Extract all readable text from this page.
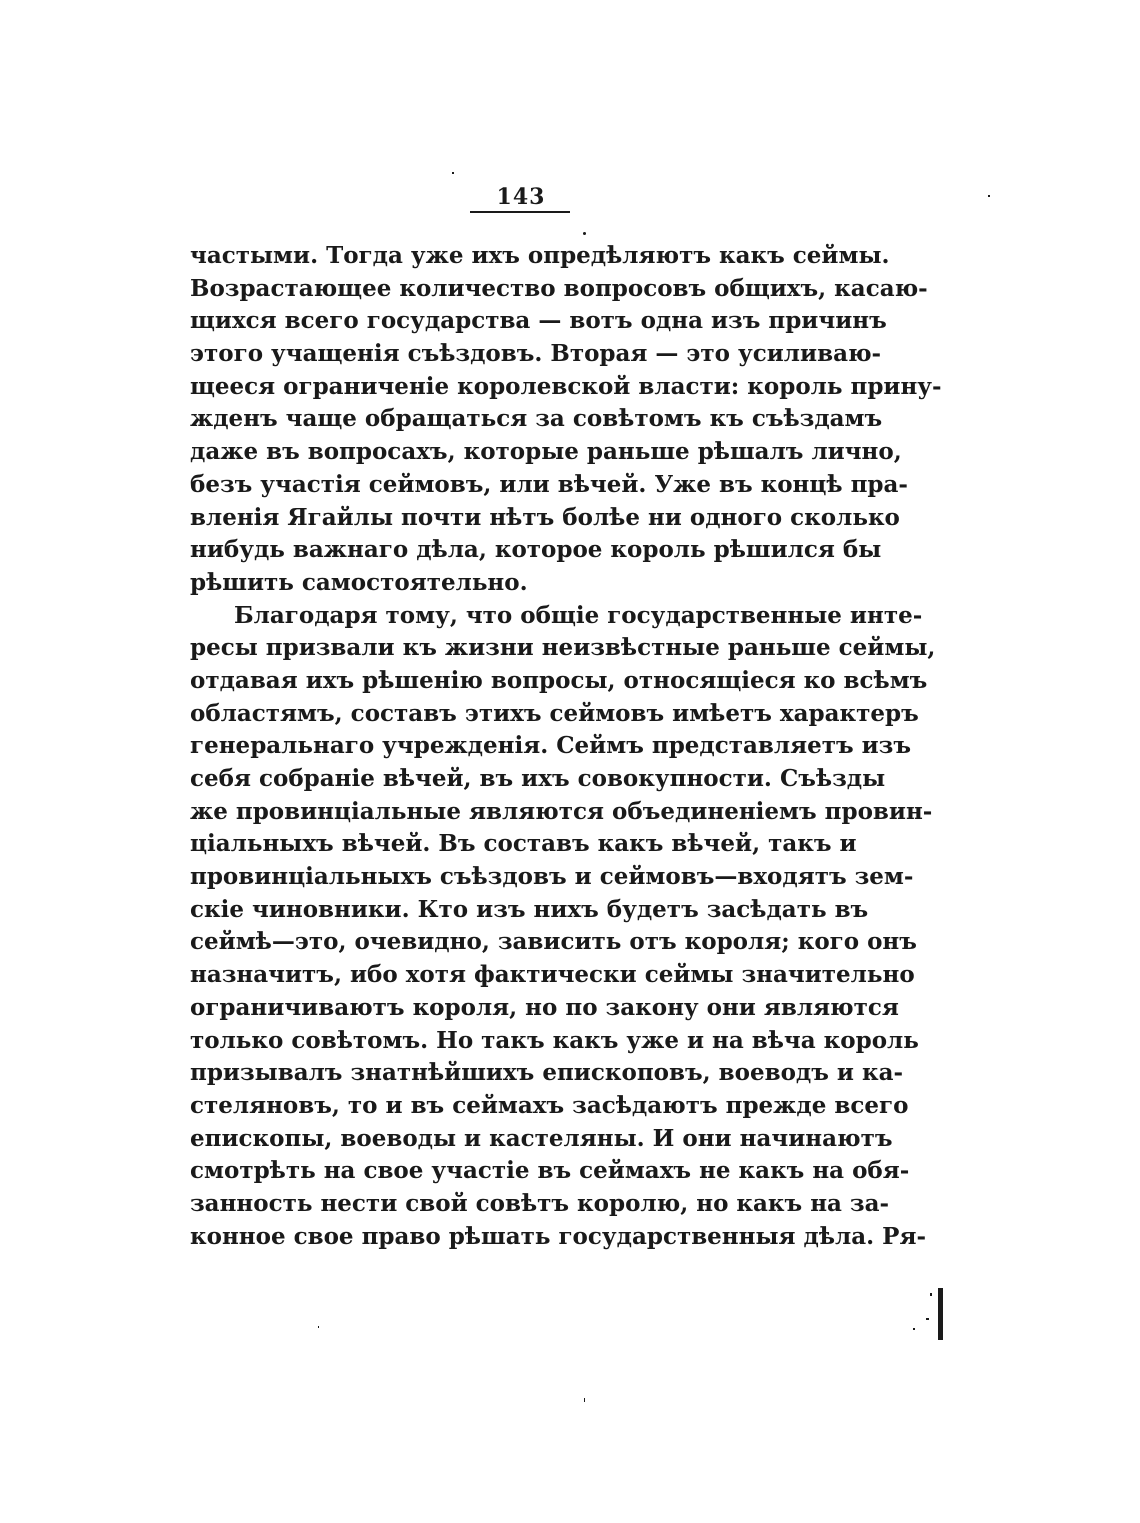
143
частыми. Тогда уже ихъ опредѣляютъ какъ сеймы.
Возрастающее количество вопросовъ общихъ, касаю-
щихся всего государства — вотъ одна изъ причинъ
этого учащенія съѣздовъ. Вторая — это усиливаю-
щееся ограниченіе королевской власти: король прину-
жденъ чаще обращаться за совѣтомъ къ съѣздамъ
даже въ вопросахъ, которые раньше рѣшалъ лично,
безъ участія сеймовъ, или вѣчей. Уже въ концѣ пра-
вленія Ягайлы почти нѣтъ болѣе ни одного сколько
нибудь важнаго дѣла, которое король рѣшился бы
рѣшить самостоятельно.
Благодаря тому, что общіе государственные инте-
ресы призвали къ жизни неизвѣстные раньше сеймы,
отдавая ихъ рѣшенію вопросы, относящіеся ко всѣмъ
областямъ, составъ этихъ сеймовъ имѣетъ характеръ
генеральнаго учрежденія. Сеймъ представляетъ изъ
себя собраніе вѣчей, въ ихъ совокупности. Съѣзды
же провинціальные являются объединеніемъ провин-
ціальныхъ вѣчей. Въ составъ какъ вѣчей, такъ и
провинціальныхъ съѣздовъ и сеймовъ—входятъ зем-
скіе чиновники. Кто изъ нихъ будетъ засѣдать въ
сеймѣ—это, очевидно, зависить отъ короля; кого онъ
назначитъ, ибо хотя фактически сеймы значительно
ограничиваютъ короля, но по закону они являются
только совѣтомъ. Но такъ какъ уже и на вѣча король
призывалъ знатнѣйшихъ епископовъ, воеводъ и ка-
стеляновъ, то и въ сеймахъ засѣдаютъ прежде всего
епископы, воеводы и кастеляны. И они начинаютъ
смотрѣть на свое участіе въ сеймахъ не какъ на обя-
занность нести свой совѣтъ королю, но какъ на за-
конное свое право рѣшать государственныя дѣла. Ря-
